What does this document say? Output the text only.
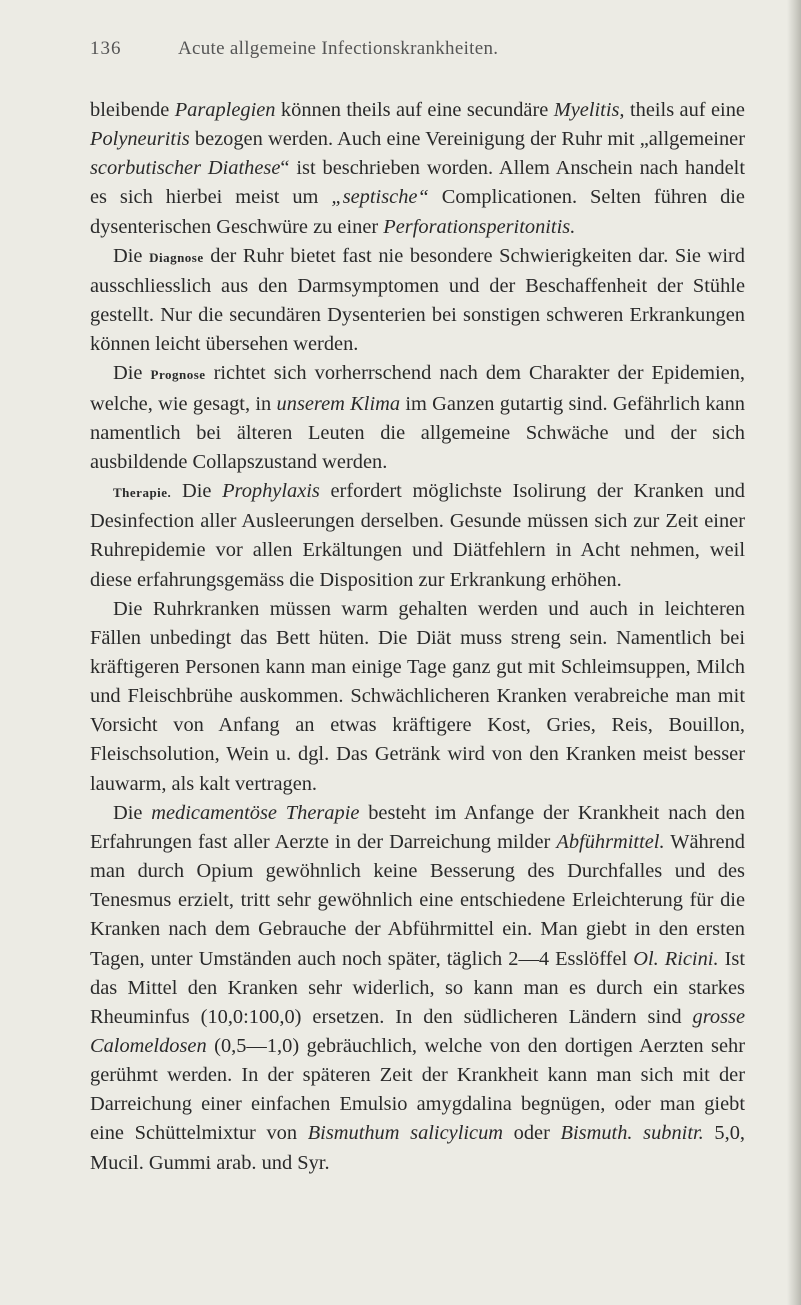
136	Acute allgemeine Infectionskrankheiten.

bleibende Paraplegien können theils auf eine secundäre Myelitis, theils auf eine Polyneuritis bezogen werden. Auch eine Vereinigung der Ruhr mit „allgemeiner scorbutischer Diathese“ ist beschrieben worden. Allem Anschein nach handelt es sich hierbei meist um „septische“ Complicationen. Selten führen die dysenterischen Geschwüre zu einer Perforationsperitonitis.

Die Diagnose der Ruhr bietet fast nie besondere Schwierigkeiten dar. Sie wird ausschliesslich aus den Darmsymptomen und der Beschaffenheit der Stühle gestellt. Nur die secundären Dysenterien bei sonstigen schweren Erkrankungen können leicht übersehen werden.

Die Prognose richtet sich vorherrschend nach dem Charakter der Epidemien, welche, wie gesagt, in unserem Klima im Ganzen gutartig sind. Gefährlich kann namentlich bei älteren Leuten die allgemeine Schwäche und der sich ausbildende Collapszustand werden.

Therapie. Die Prophylaxis erfordert möglichste Isolirung der Kranken und Desinfection aller Ausleerungen derselben. Gesunde müssen sich zur Zeit einer Ruhrepidemie vor allen Erkältungen und Diätfehlern in Acht nehmen, weil diese erfahrungsgemäss die Disposition zur Erkrankung erhöhen.

Die Ruhrkranken müssen warm gehalten werden und auch in leichteren Fällen unbedingt das Bett hüten. Die Diät muss streng sein. Namentlich bei kräftigeren Personen kann man einige Tage ganz gut mit Schleimsuppen, Milch und Fleischbrühe auskommen. Schwächlicheren Kranken verabreiche man mit Vorsicht von Anfang an etwas kräftigere Kost, Gries, Reis, Bouillon, Fleischsolution, Wein u. dgl. Das Getränk wird von den Kranken meist besser lauwarm, als kalt vertragen.

Die medicamentöse Therapie besteht im Anfange der Krankheit nach den Erfahrungen fast aller Aerzte in der Darreichung milder Abführmittel. Während man durch Opium gewöhnlich keine Besserung des Durchfalles und des Tenesmus erzielt, tritt sehr gewöhnlich eine entschiedene Erleichterung für die Kranken nach dem Gebrauche der Abführmittel ein. Man giebt in den ersten Tagen, unter Umständen auch noch später, täglich 2—4 Esslöffel Ol. Ricini. Ist das Mittel den Kranken sehr widerlich, so kann man es durch ein starkes Rheuminfus (10,0:100,0) ersetzen. In den südlicheren Ländern sind grosse Calomeldosen (0,5—1,0) gebräuchlich, welche von den dortigen Aerzten sehr gerühmt werden. In der späteren Zeit der Krankheit kann man sich mit der Darreichung einer einfachen Emulsio amygdalina begnügen, oder man giebt eine Schüttelmixtur von Bismuthum salicylicum oder Bismuth. subnitr. 5,0, Mucil. Gummi arab. und Syr.
